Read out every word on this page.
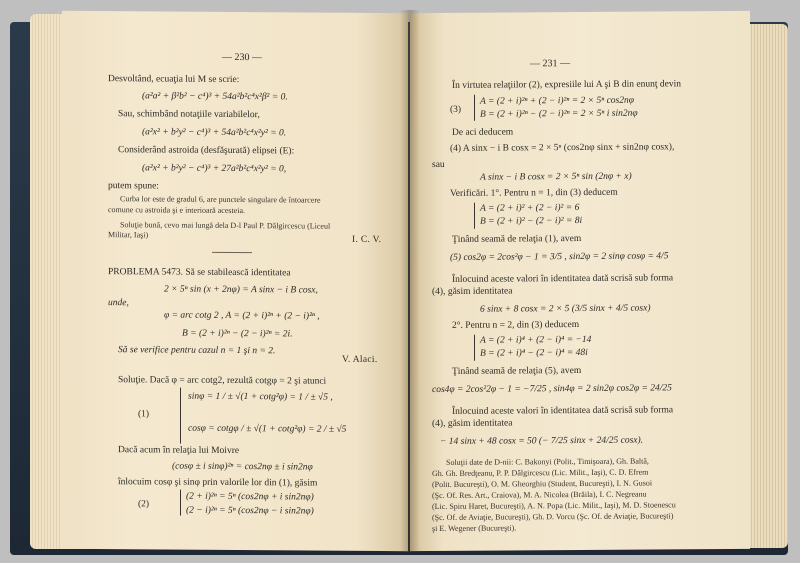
— 230 —
Desvoltând, ecuaţia lui M se scrie:
(a²a² + β²b² − c⁴)³ + 54a²b²c⁴x²β² = 0.
Sau, schimbând notaţiile variabilelor,
(a²x² + b²y² − c⁴)³ + 54a²b²c⁴x²y² = 0.
Considerând astroida (desfăşurată) elipsei (E):
(a²x² + b²y² − c⁴)³ + 27a²b²c⁴x²y² = 0,
putem spune:
Curba lor este de gradul 6, are punctele singulare de întoarcere
comune cu astroida şi e interioară acesteia.
Soluţie bună, cevo mai lungă dela D-l Paul P. Dălgircescu (Liceul
Militar, Iaşi)
I. C. V.
PROBLEMA 5473. Să se stabilească identitatea
2 × 5ⁿ sin (x + 2nφ) = A sinx − i B cosx,
unde,
φ = arc cotg 2 , A = (2 + i)²ⁿ + (2 − i)²ⁿ ,
B = (2 + i)²ⁿ − (2 − i)²ⁿ = 2i.
Să se verifice pentru cazul n = 1 şi n = 2.
V. Alaci.
Soluţie. Dacă φ = arc cotg2, rezultă cotgφ = 2 şi atunci
sinφ = 1 / ± √(1 + cotg²φ) = 1 / ± √5 ,
(1)
cosφ = cotgφ / ± √(1 + cotg²φ) = 2 / ± √5
Dacă acum în relaţia lui Moivre
(cosφ ± i sinφ)²ⁿ = cos2nφ ± i sin2nφ
înlocuim cosφ şi sinφ prin valorile lor din (1), găsim
(2)
(2 + i)²ⁿ = 5ⁿ (cos2nφ + i sin2nφ)
(2 − i)²ⁿ = 5ⁿ (cos2nφ − i sin2nφ)
— 231 —
În virtutea relaţiilor (2), expresiile lui A şi B din enunţ devin
(3)
A = (2 + i)²ⁿ + (2 − i)²ⁿ = 2 × 5ⁿ cos2nφ
B = (2 + i)²ⁿ − (2 − i)²ⁿ = 2 × 5ⁿ i sin2nφ
De aci deducem
(4) A sinx − i B cosx = 2 × 5ⁿ (cos2nφ sinx + sin2nφ cosx),
sau
A sinx − i B cosx = 2 × 5ⁿ sin (2nφ + x)
Verificări. 1°. Pentru n = 1, din (3) deducem
A = (2 + i)² + (2 − i)² = 6
B = (2 + i)² − (2 − i)² = 8i
Ţinând seamă de relaţia (1), avem
(5) cos2φ = 2cos²φ − 1 = 3/5 , sin2φ = 2 sinφ cosφ = 4/5
Înlocuind aceste valori în identitatea dată scrisă sub forma
(4), găsim identitatea
6 sinx + 8 cosx = 2 × 5 (3/5 sinx + 4/5 cosx)
2°. Pentru n = 2, din (3) deducem
A = (2 + i)⁴ + (2 − i)⁴ = −14
B = (2 + i)⁴ − (2 − i)⁴ = 48i
Ţinând seamă de relaţia (5), avem
cos4φ = 2cos²2φ − 1 = −7/25 , sin4φ = 2 sin2φ cos2φ = 24/25
Înlocuind aceste valori în identitatea dată scrisă sub forma
(4), găsim identitatea
− 14 sinx + 48 cosx = 50 (− 7/25 sinx + 24/25 cosx).
Soluţii date de D-nii: C. Bakonyi (Polit., Timişoara), Gh. Baltă,
Gh. Gh. Bredţeanu, P. P. Dălgircescu (Lic. Milit., Iaşi), C. D. Efrem
(Polit. Bucureşti), O. M. Gheorghiu (Student, Bucureşti), I. N. Gusoi
(Şc. Of. Res. Art., Craiova), M. A. Nicolea (Brăila), I. C. Negreanu
(Lic. Spiru Haret, Bucureşti), A. N. Popa (Lic. Milit., Iaşi), M. D. Stoenescu
(Şc. Of. de Aviaţie, Bucureşti), Gh. D. Vorcu (Şc. Of. de Aviaţie, Bucureşti)
şi E. Wegener (Bucureşti).
